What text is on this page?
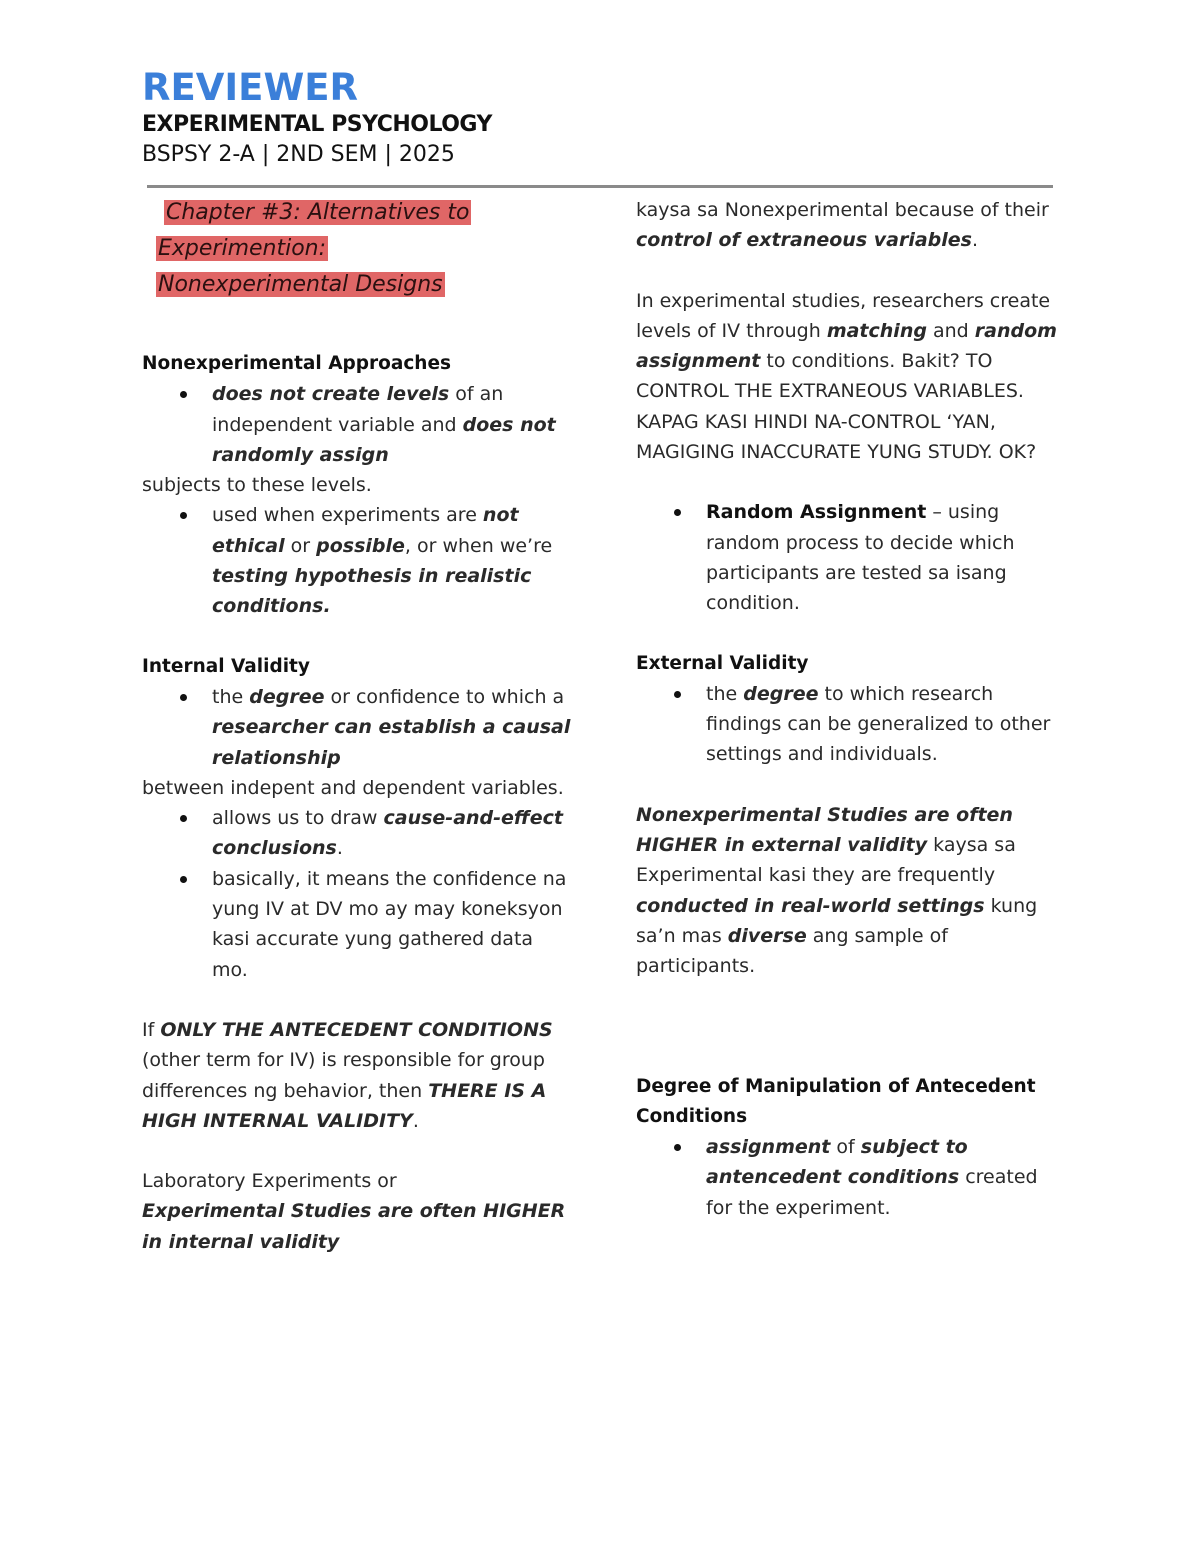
REVIEWER
EXPERIMENTAL PSYCHOLOGY
BSPSY 2-A | 2ND SEM | 2025
Chapter #3: Alternatives to
Experimention:
Nonexperimental Designs

Nonexperimental Approaches

does not create levels of an independent variable and does not randomly assign

subjects to these levels.

used when experiments are not ethical or possible, or when we’re testing hypothesis in realistic conditions.

Internal Validity

the degree or confidence to which a researcher can establish a causal relationship

between indepent and dependent variables.

allows us to draw cause-and-effect conclusions.
basically, it means the confidence na yung IV at DV mo ay may koneksyon kasi accurate yung gathered data mo.

If ONLY THE ANTECEDENT CONDITIONS (other term for IV) is responsible for group differences ng behavior, then THERE IS A HIGH INTERNAL VALIDITY.

Laboratory Experiments or
Experimental Studies are often HIGHER in internal validity

kaysa sa Nonexperimental because of their control of extraneous variables.

In experimental studies, researchers create levels of IV through matching and random assignment to conditions. Bakit? TO CONTROL THE EXTRANEOUS VARIABLES. KAPAG KASI HINDI NA-CONTROL ‘YAN, MAGIGING INACCURATE YUNG STUDY. OK?

Random Assignment – using random process to decide which participants are tested sa isang condition.

External Validity

the degree to which research findings can be generalized to other settings and individuals.

Nonexperimental Studies are often HIGHER in external validity kaysa sa Experimental kasi they are frequently conducted in real-world settings kung sa’n mas diverse ang sample of participants.

Degree of Manipulation of Antecedent Conditions

assignment of subject to antencedent conditions created for the experiment.
